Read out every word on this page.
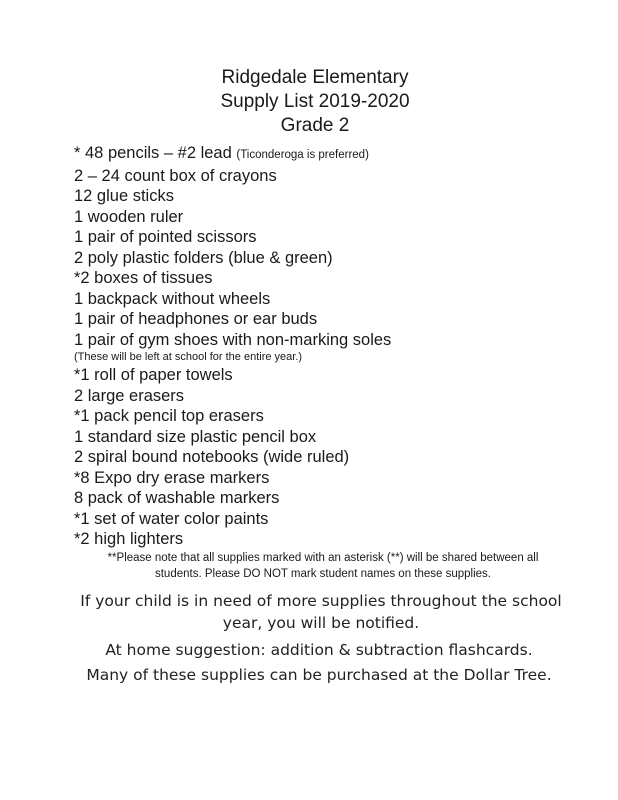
Ridgedale Elementary
Supply List 2019-2020
Grade 2
* 48 pencils – #2 lead (Ticonderoga is preferred)
2 – 24 count box of crayons
12 glue sticks
1 wooden ruler
1 pair of pointed scissors
2 poly plastic folders (blue & green)
*2 boxes of tissues
1 backpack without wheels
1 pair of headphones or ear buds
1 pair of gym shoes with non-marking soles
(These will be left at school for the entire year.)
*1 roll of paper towels
2 large erasers
*1 pack pencil top erasers
1 standard size plastic pencil box
2 spiral bound notebooks (wide ruled)
*8 Expo dry erase markers
8 pack of washable markers
*1 set of water color paints
*2 high lighters
**Please note that all supplies marked with an asterisk (**) will be shared between all
students. Please DO NOT mark student names on these supplies.
If your child is in need of more supplies throughout the school
year, you will be notified.
At home suggestion: addition & subtraction flashcards.
Many of these supplies can be purchased at the Dollar Tree.
